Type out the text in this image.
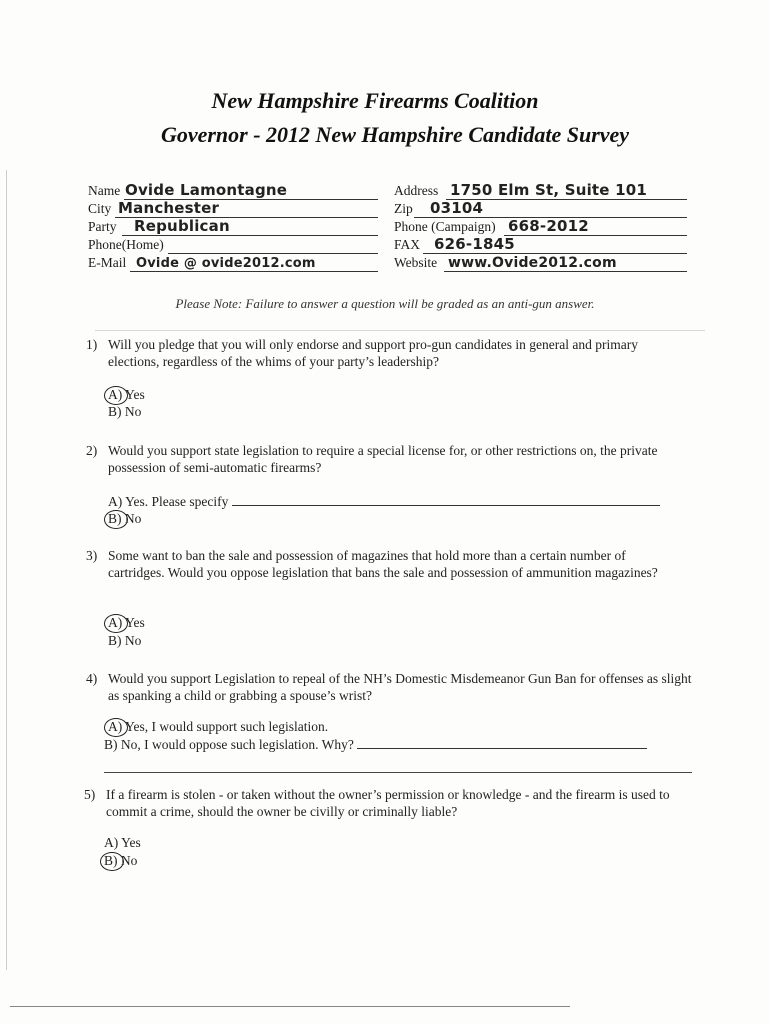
New Hampshire Firearms Coalition
Governor - 2012 New Hampshire Candidate Survey
Name Ovide Lamontagne
City Manchester
Party Republican
Phone(Home)
E-Mail Ovide @ ovide2012.com
Address 1750 Elm St, Suite 101
Zip 03104
Phone (Campaign) 668-2012
FAX 626-1845
Website www.Ovide2012.com
Please Note: Failure to answer a question will be graded as an anti-gun answer.
1) Will you pledge that you will only endorse and support pro-gun candidates in general and primary elections, regardless of the whims of your party’s leadership?
A) Yes
B) No
2) Would you support state legislation to require a special license for, or other restrictions on, the private possession of semi-automatic firearms?
A) Yes. Please specify
B) No
3) Some want to ban the sale and possession of magazines that hold more than a certain number of cartridges. Would you oppose legislation that bans the sale and possession of ammunition magazines?
A) Yes
B) No
4) Would you support Legislation to repeal of the NH’s Domestic Misdemeanor Gun Ban for offenses as slight as spanking a child or grabbing a spouse’s wrist?
A) Yes, I would support such legislation.
B) No, I would oppose such legislation. Why?
5) If a firearm is stolen - or taken without the owner’s permission or knowledge - and the firearm is used to commit a crime, should the owner be civilly or criminally liable?
A) Yes
B) No
